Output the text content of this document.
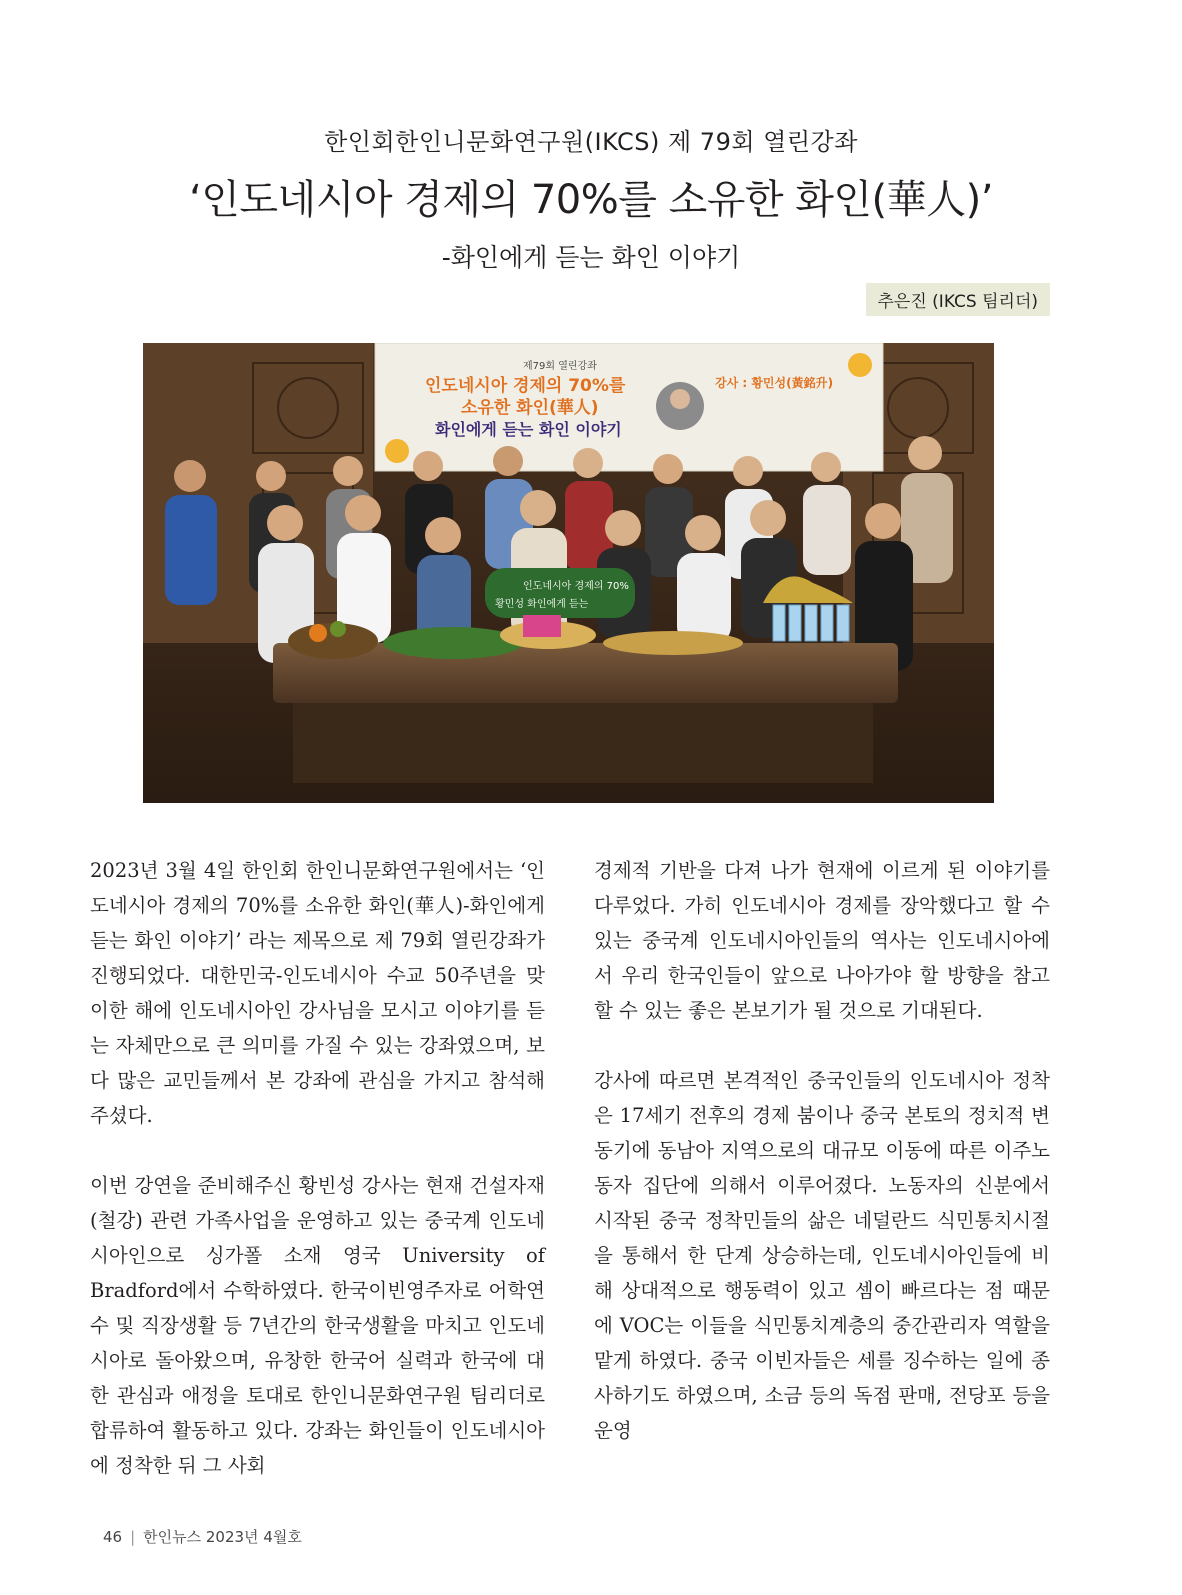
한인회한인니문화연구원(IKCS) 제 79회 열린강좌
‘인도네시아 경제의 70%를 소유한 화인(華人)’
-화인에게 듣는 화인 이야기
추은진 (IKCS 팀리더)
제79회 열린강좌
인도네시아 경제의 70%를
소유한 화인(華人)
화인에게 듣는 화인 이야기
강사 : 황민성(黃銘升)
인도네시아 경제의 70%
황민성 화인에게 듣는

2023년 3월 4일 한인회 한인니문화연구원에서는 ‘인도네시아 경제의 70%를 소유한 화인(華人)-화인에게 듣는 화인 이야기’ 라는 제목으로 제 79회 열린강좌가 진행되었다. 대한민국-인도네시아 수교 50주년을 맞이한 해에 인도네시아인 강사님을 모시고 이야기를 듣는 자체만으로 큰 의미를 가질 수 있는 강좌였으며, 보다 많은 교민들께서 본 강좌에 관심을 가지고 참석해 주셨다.

이번 강연을 준비해주신 황빈성 강사는 현재 건설자재(철강) 관련 가족사업을 운영하고 있는 중국계 인도네시아인으로 싱가폴 소재 영국 University of Bradford에서 수학하였다. 한국이빈영주자로 어학연수 및 직장생활 등 7년간의 한국생활을 마치고 인도네시아로 돌아왔으며, 유창한 한국어 실력과 한국에 대한 관심과 애정을 토대로 한인니문화연구원 팀리더로 합류하여 활동하고 있다. 강좌는 화인들이 인도네시아에 정착한 뒤 그 사회

경제적 기반을 다져 나가 현재에 이르게 된 이야기를 다루었다. 가히 인도네시아 경제를 장악했다고 할 수 있는 중국계 인도네시아인들의 역사는 인도네시아에서 우리 한국인들이 앞으로 나아가야 할 방향을 참고할 수 있는 좋은 본보기가 될 것으로 기대된다.

강사에 따르면 본격적인 중국인들의 인도네시아 정착은 17세기 전후의 경제 붐이나 중국 본토의 정치적 변동기에 동남아 지역으로의 대규모 이동에 따른 이주노동자 집단에 의해서 이루어졌다. 노동자의 신분에서 시작된 중국 정착민들의 삶은 네덜란드 식민통치시절을 통해서 한 단계 상승하는데, 인도네시아인들에 비해 상대적으로 행동력이 있고 셈이 빠르다는 점 때문에 VOC는 이들을 식민통치계층의 중간관리자 역할을 맡게 하였다. 중국 이빈자들은 세를 징수하는 일에 종사하기도 하였으며, 소금 등의 독점 판매, 전당포 등을 운영

46 | 한인뉴스 2023년 4월호
